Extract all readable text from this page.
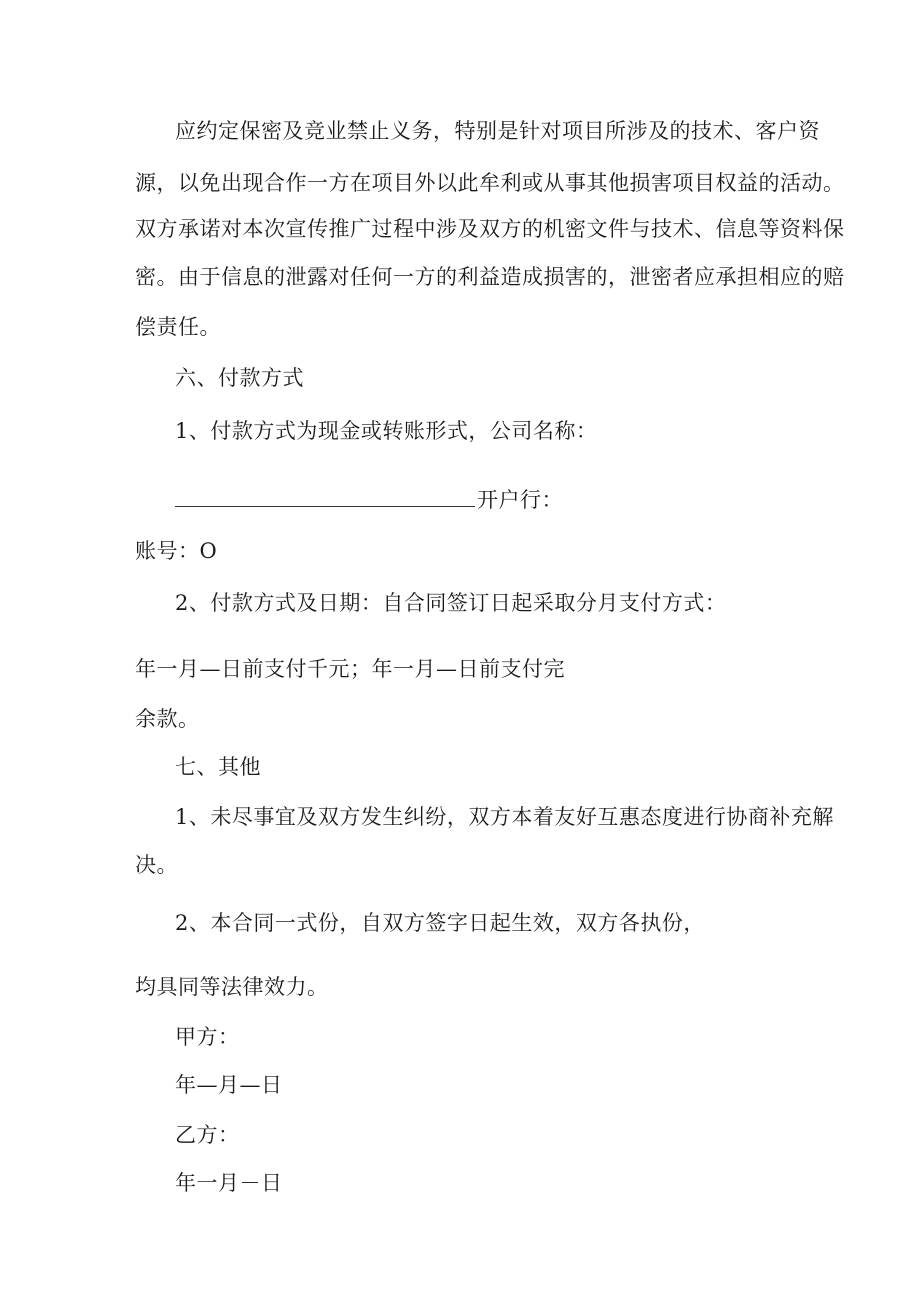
应约定保密及竞业禁止义务，特别是针对项目所涉及的技术、客户资
源，以免出现合作一方在项目外以此牟利或从事其他损害项目权益的活动。
双方承诺对本次宣传推广过程中涉及双方的机密文件与技术、信息等资料保
密。由于信息的泄露对任何一方的利益造成损害的，泄密者应承担相应的赔
偿责任。
六、付款方式
1、付款方式为现金或转账形式，公司名称：
开户行：
账号：O
2、付款方式及日期：自合同签订日起采取分月支付方式：
年一月—日前支付千元；年一月—日前支付完
余款。
七、其他
1、未尽事宜及双方发生纠纷，双方本着友好互惠态度进行协商补充解
决。
2、本合同一式份，自双方签字日起生效，双方各执份，
均具同等法律效力。
甲方：
年—月—日
乙方：
年一月－日
